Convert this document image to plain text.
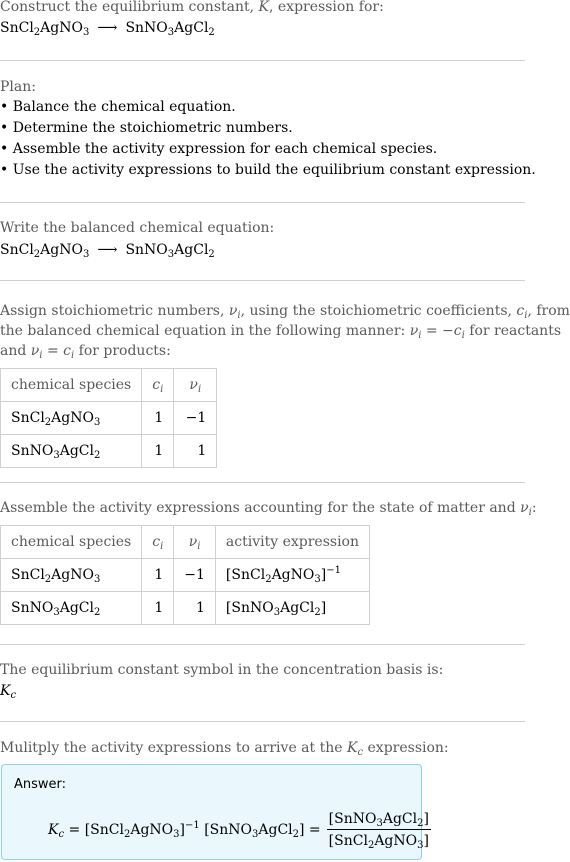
Construct the equilibrium constant, K, expression for:
SnCl$_2$AgNO$_3$ ⟶ SnNO$_3$AgCl$_2$
Plan:
• Balance the chemical equation.
• Determine the stoichiometric numbers.
• Assemble the activity expression for each chemical species.
• Use the activity expressions to build the equilibrium constant expression.
Write the balanced chemical equation:
SnCl$_2$AgNO$_3$ ⟶ SnNO$_3$AgCl$_2$
Assign stoichiometric numbers, $\nu_i$, using the stoichiometric coefficients, $c_i$, from
the balanced chemical equation in the following manner: $\nu_i = -c_i$ for reactants
and $\nu_i = c_i$ for products:
chemical species	$c_i$	$\nu_i$
SnCl$_2$AgNO$_3$	1	−1
SnNO$_3$AgCl$_2$	1	1
Assemble the activity expressions accounting for the state of matter and $\nu_i$:
chemical species	$c_i$	$\nu_i$	activity expression
SnCl$_2$AgNO$_3$	1	−1	[SnCl$_2$AgNO$_3$]$^{-1}$
SnNO$_3$AgCl$_2$	1	1	[SnNO$_3$AgCl$_2$]
The equilibrium constant symbol in the concentration basis is:
$K_c$
Mulitply the activity expressions to arrive at the $K_c$ expression:
Answer:
$K_c$ = [SnCl$_2$AgNO$_3$]$^{-1}$ [SnNO$_3$AgCl$_2$] = $\frac{[SnNO_3AgCl_2]}{[SnCl_2AgNO_3]}$
